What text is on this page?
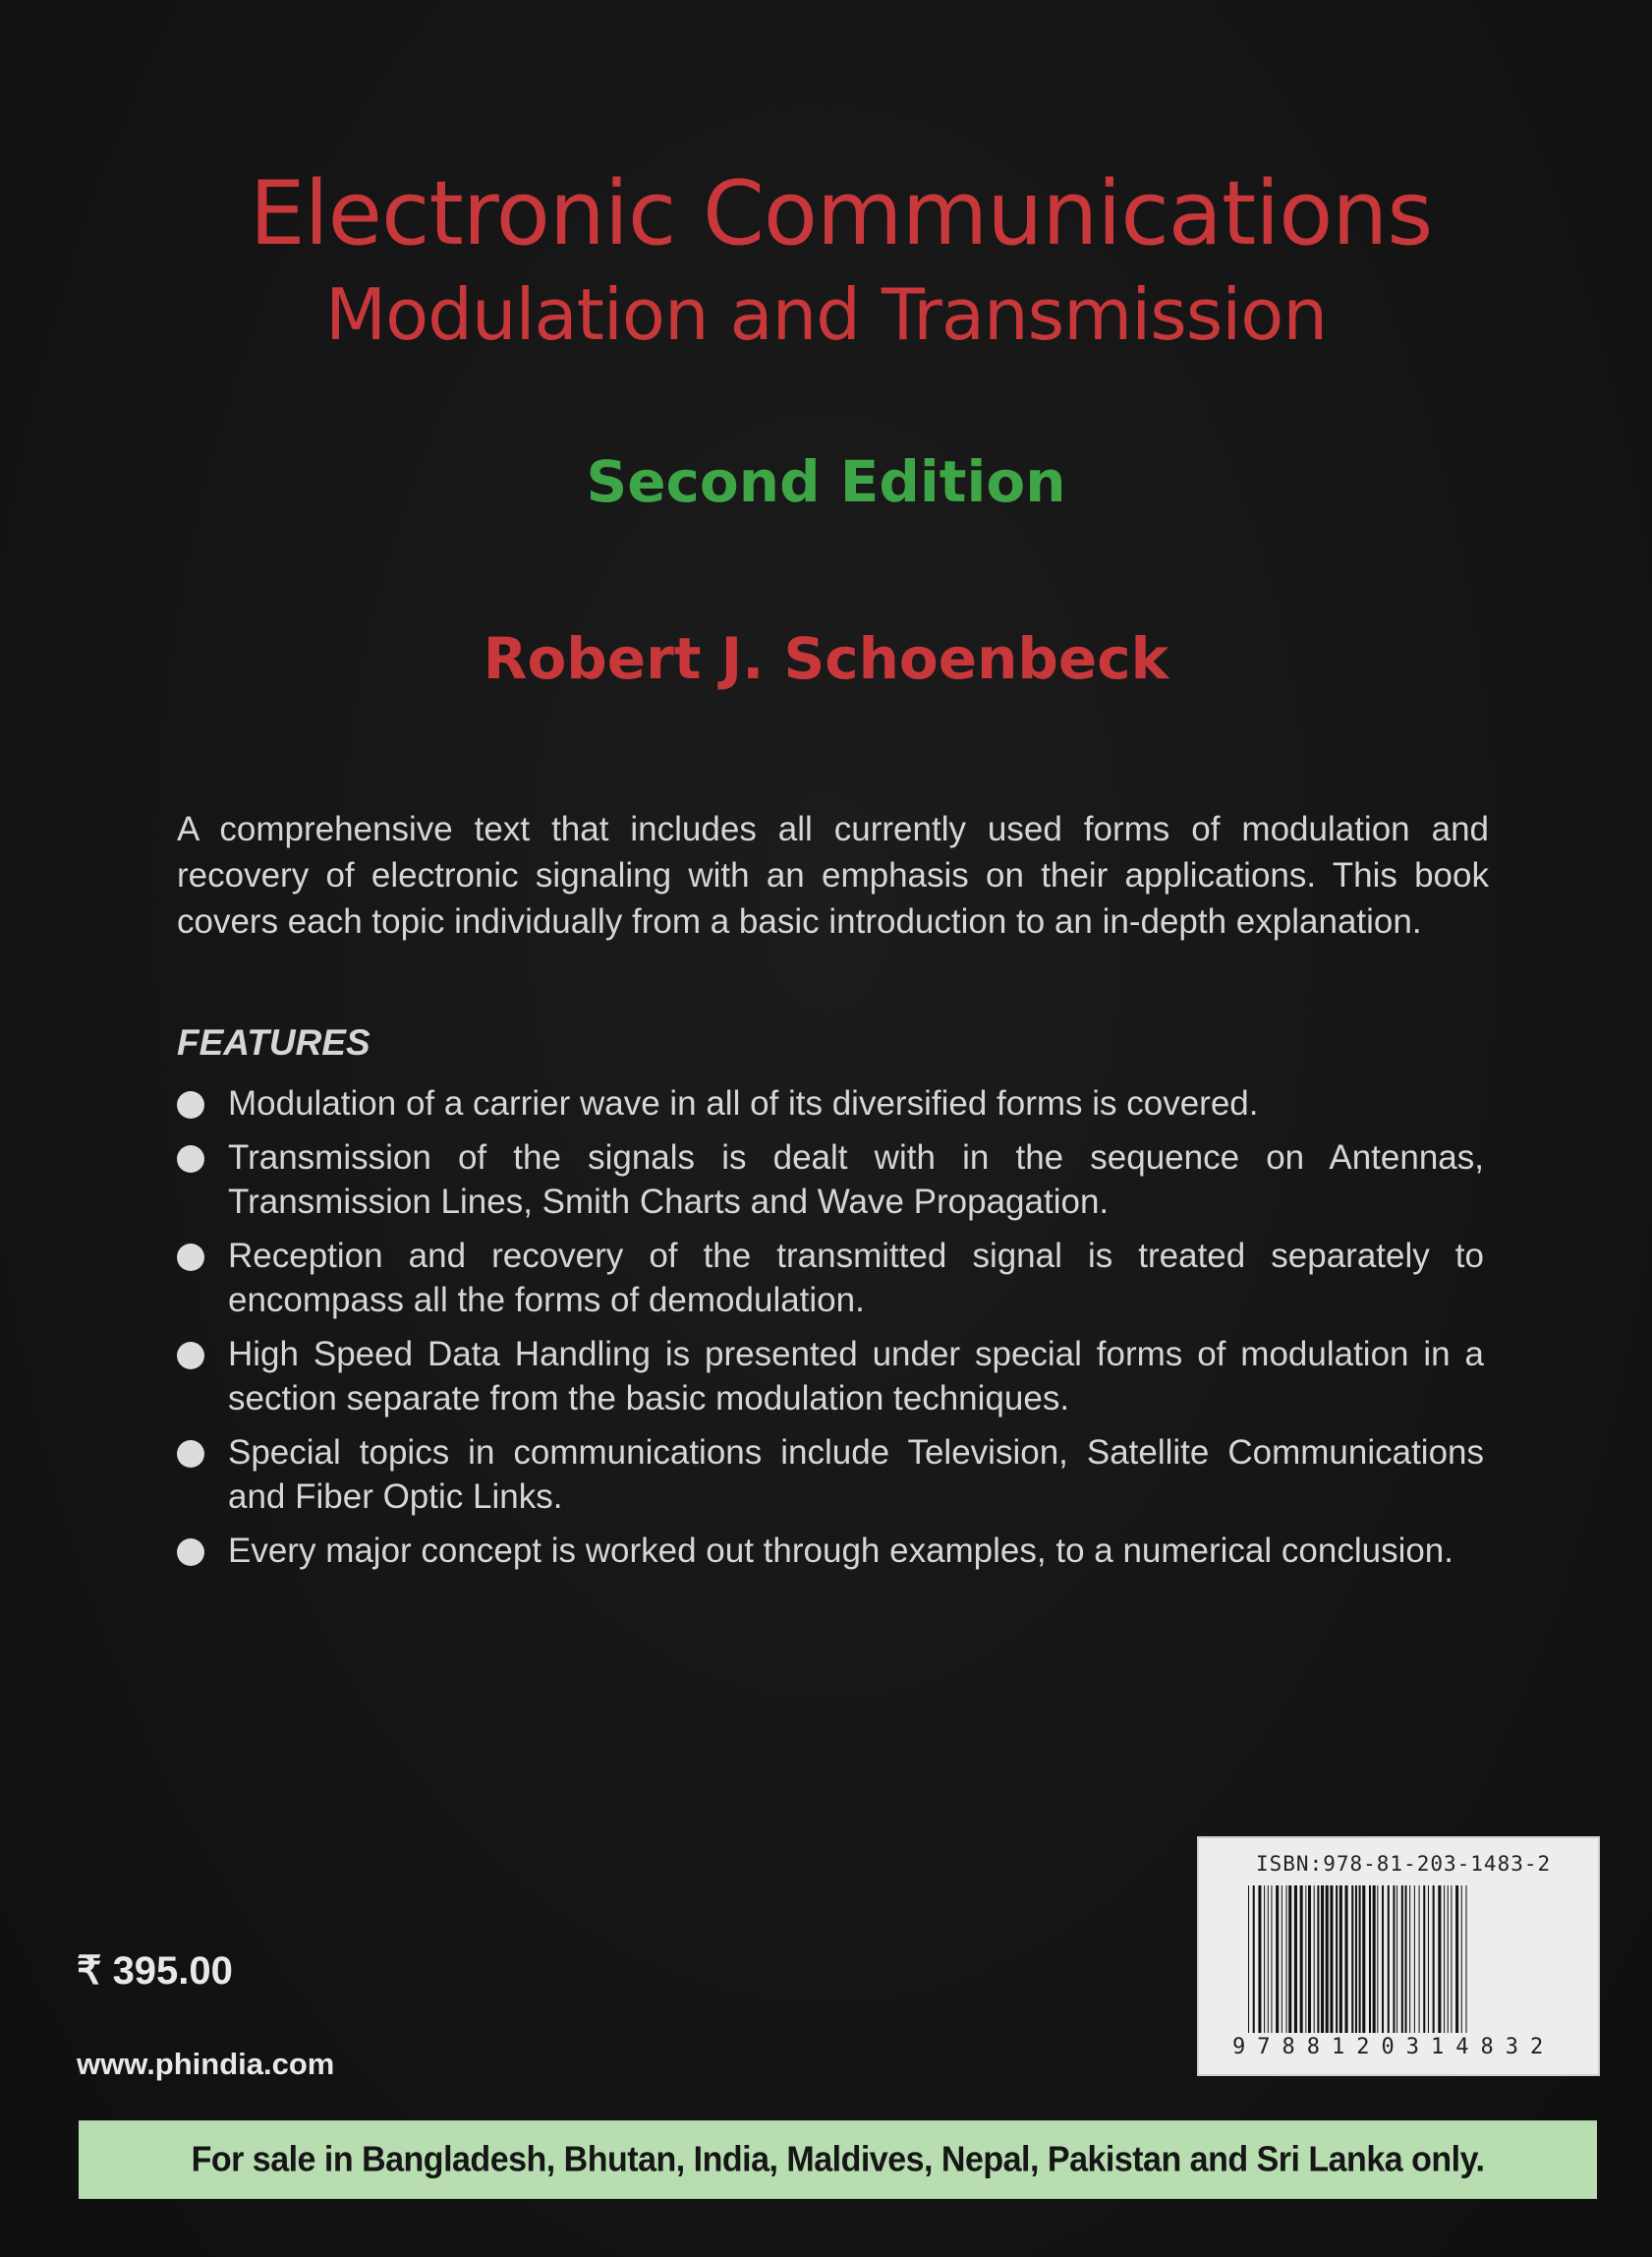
Electronic Communications
Modulation and Transmission
Second Edition
Robert J. Schoenbeck
A comprehensive text that includes all currently used forms of modulation and recovery of electronic signaling with an emphasis on their applications. This book covers each topic individually from a basic introduction to an in-depth explanation.
FEATURES
Modulation of a carrier wave in all of its diversified forms is covered.
Transmission of the signals is dealt with in the sequence on Antennas, Transmission Lines, Smith Charts and Wave Propagation.
Reception and recovery of the transmitted signal is treated separately to encompass all the forms of demodulation.
High Speed Data Handling is presented under special forms of modulation in a section separate from the basic modulation techniques.
Special topics in communications include Television, Satellite Communications and Fiber Optic Links.
Every major concept is worked out through examples, to a numerical conclusion.
₹ 395.00
www.phindia.com
ISBN:978-81-203-1483-2
9788120314832
For sale in Bangladesh, Bhutan, India, Maldives, Nepal, Pakistan and Sri Lanka only.
